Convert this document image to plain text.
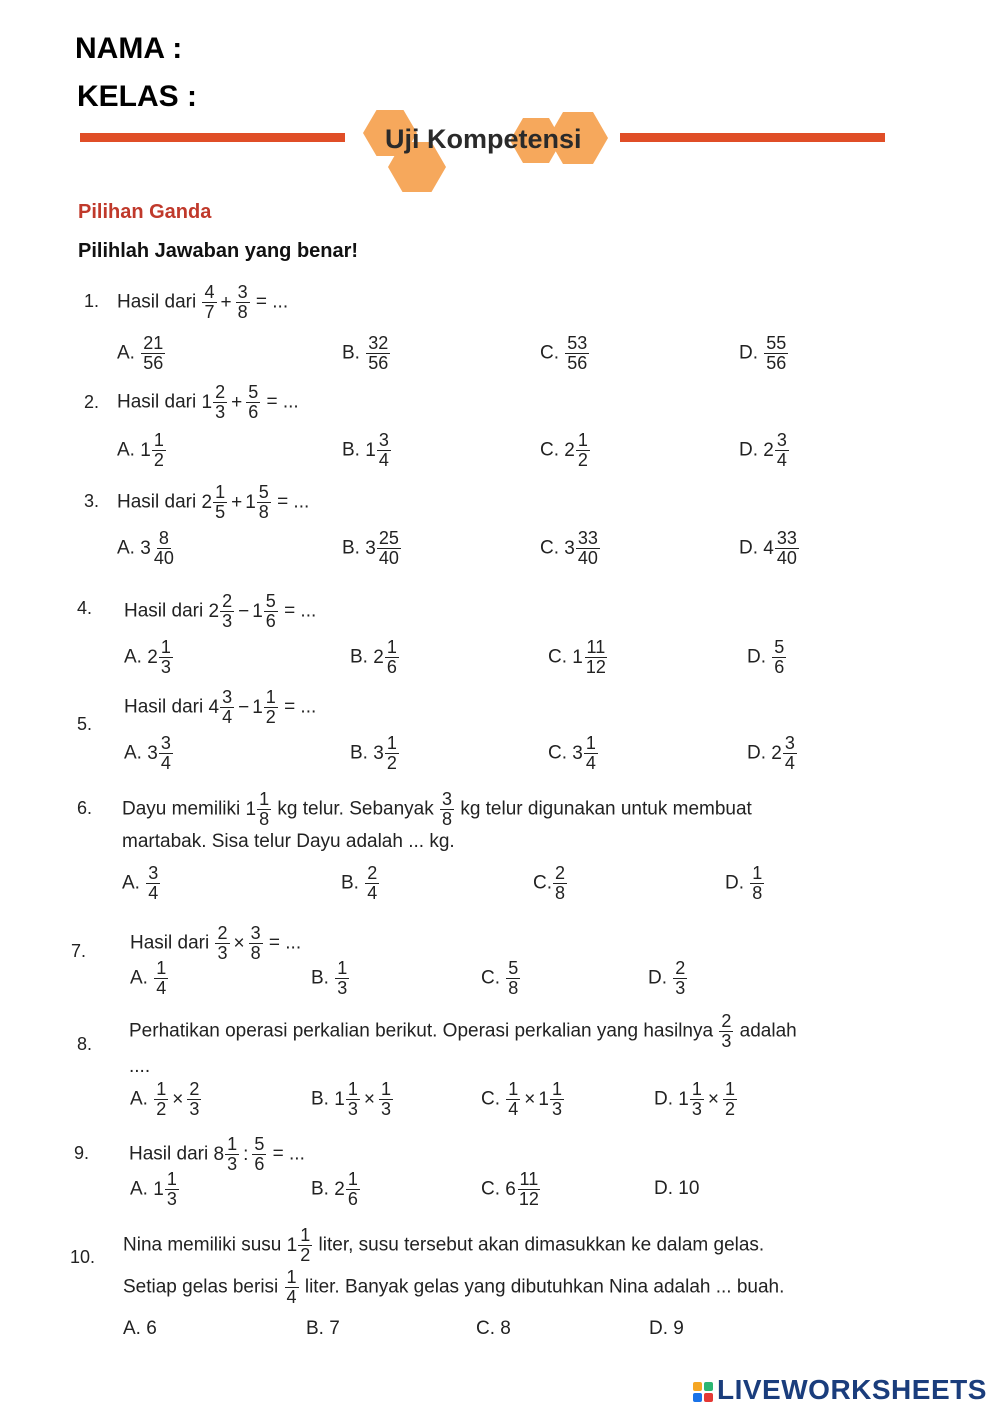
NAMA :
KELAS :
Uji Kompetensi
Pilihan Ganda
Pilihlah Jawaban yang benar!
1. Hasil dari $\frac{4}{7} + \frac{3}{8}$ = ...
A. $\frac{21}{56}$	B. $\frac{32}{56}$	C. $\frac{53}{56}$	D. $\frac{55}{56}$
2. Hasil dari $1 \frac{2}{3} + \frac{5}{6}$ = ...
A. $1 \frac{1}{2}$	B. $1 \frac{3}{4}$	C. $2 \frac{1}{2}$	D. $2 \frac{3}{4}$
3. Hasil dari $2 \frac{1}{5} + 1 \frac{5}{8}$ = ...
A. $3 \frac{8}{40}$	B. $3 \frac{25}{40}$	C. $3 \frac{33}{40}$	D. $4 \frac{33}{40}$
4. Hasil dari $2 \frac{2}{3} - 1 \frac{5}{6}$ = ...
A. $2 \frac{1}{3}$	B. $2 \frac{1}{6}$	C. $1 \frac{11}{12}$	D. $\frac{5}{6}$
5.
Hasil dari $4 \frac{3}{4} - 1 \frac{1}{2}$ = ...
A. $3 \frac{3}{4}$	B. $3 \frac{1}{2}$	C. $3 \frac{1}{4}$	D. $2 \frac{3}{4}$
6. Dayu memiliki $1 \frac{1}{8}$ kg telur. Sebanyak $\frac{3}{8}$ kg telur digunakan untuk membuat
martabak. Sisa telur Dayu adalah ... kg.
A. $\frac{3}{4}$	B. $\frac{2}{4}$	C. $\frac{2}{8}$	D. $\frac{1}{8}$
7. Hasil dari $\frac{2}{3} \times \frac{3}{8}$ = ...
A. $\frac{1}{4}$	B. $\frac{1}{3}$	C. $\frac{5}{8}$	D. $\frac{2}{3}$
8.
Perhatikan operasi perkalian berikut. Operasi perkalian yang hasilnya $\frac{2}{3}$ adalah
....
A. $\frac{1}{2} \times \frac{2}{3}$	B. $1 \frac{1}{3} \times \frac{1}{3}$	C. $\frac{1}{4} \times 1 \frac{1}{3}$	D. $1 \frac{1}{3} \times \frac{1}{2}$
9. Hasil dari $8 \frac{1}{3}$ : $\frac{5}{6}$ = ...
A. $1 \frac{1}{3}$	B. $2 \frac{1}{6}$	C. $6 \frac{11}{12}$	D. 10
10.
Nina memiliki susu $1 \frac{1}{2}$ liter, susu tersebut akan dimasukkan ke dalam gelas.
Setiap gelas berisi $\frac{1}{4}$ liter. Banyak gelas yang dibutuhkan Nina adalah ... buah.
A. 6	B. 7	C. 8	D. 9
LIVEWORKSHEETS
